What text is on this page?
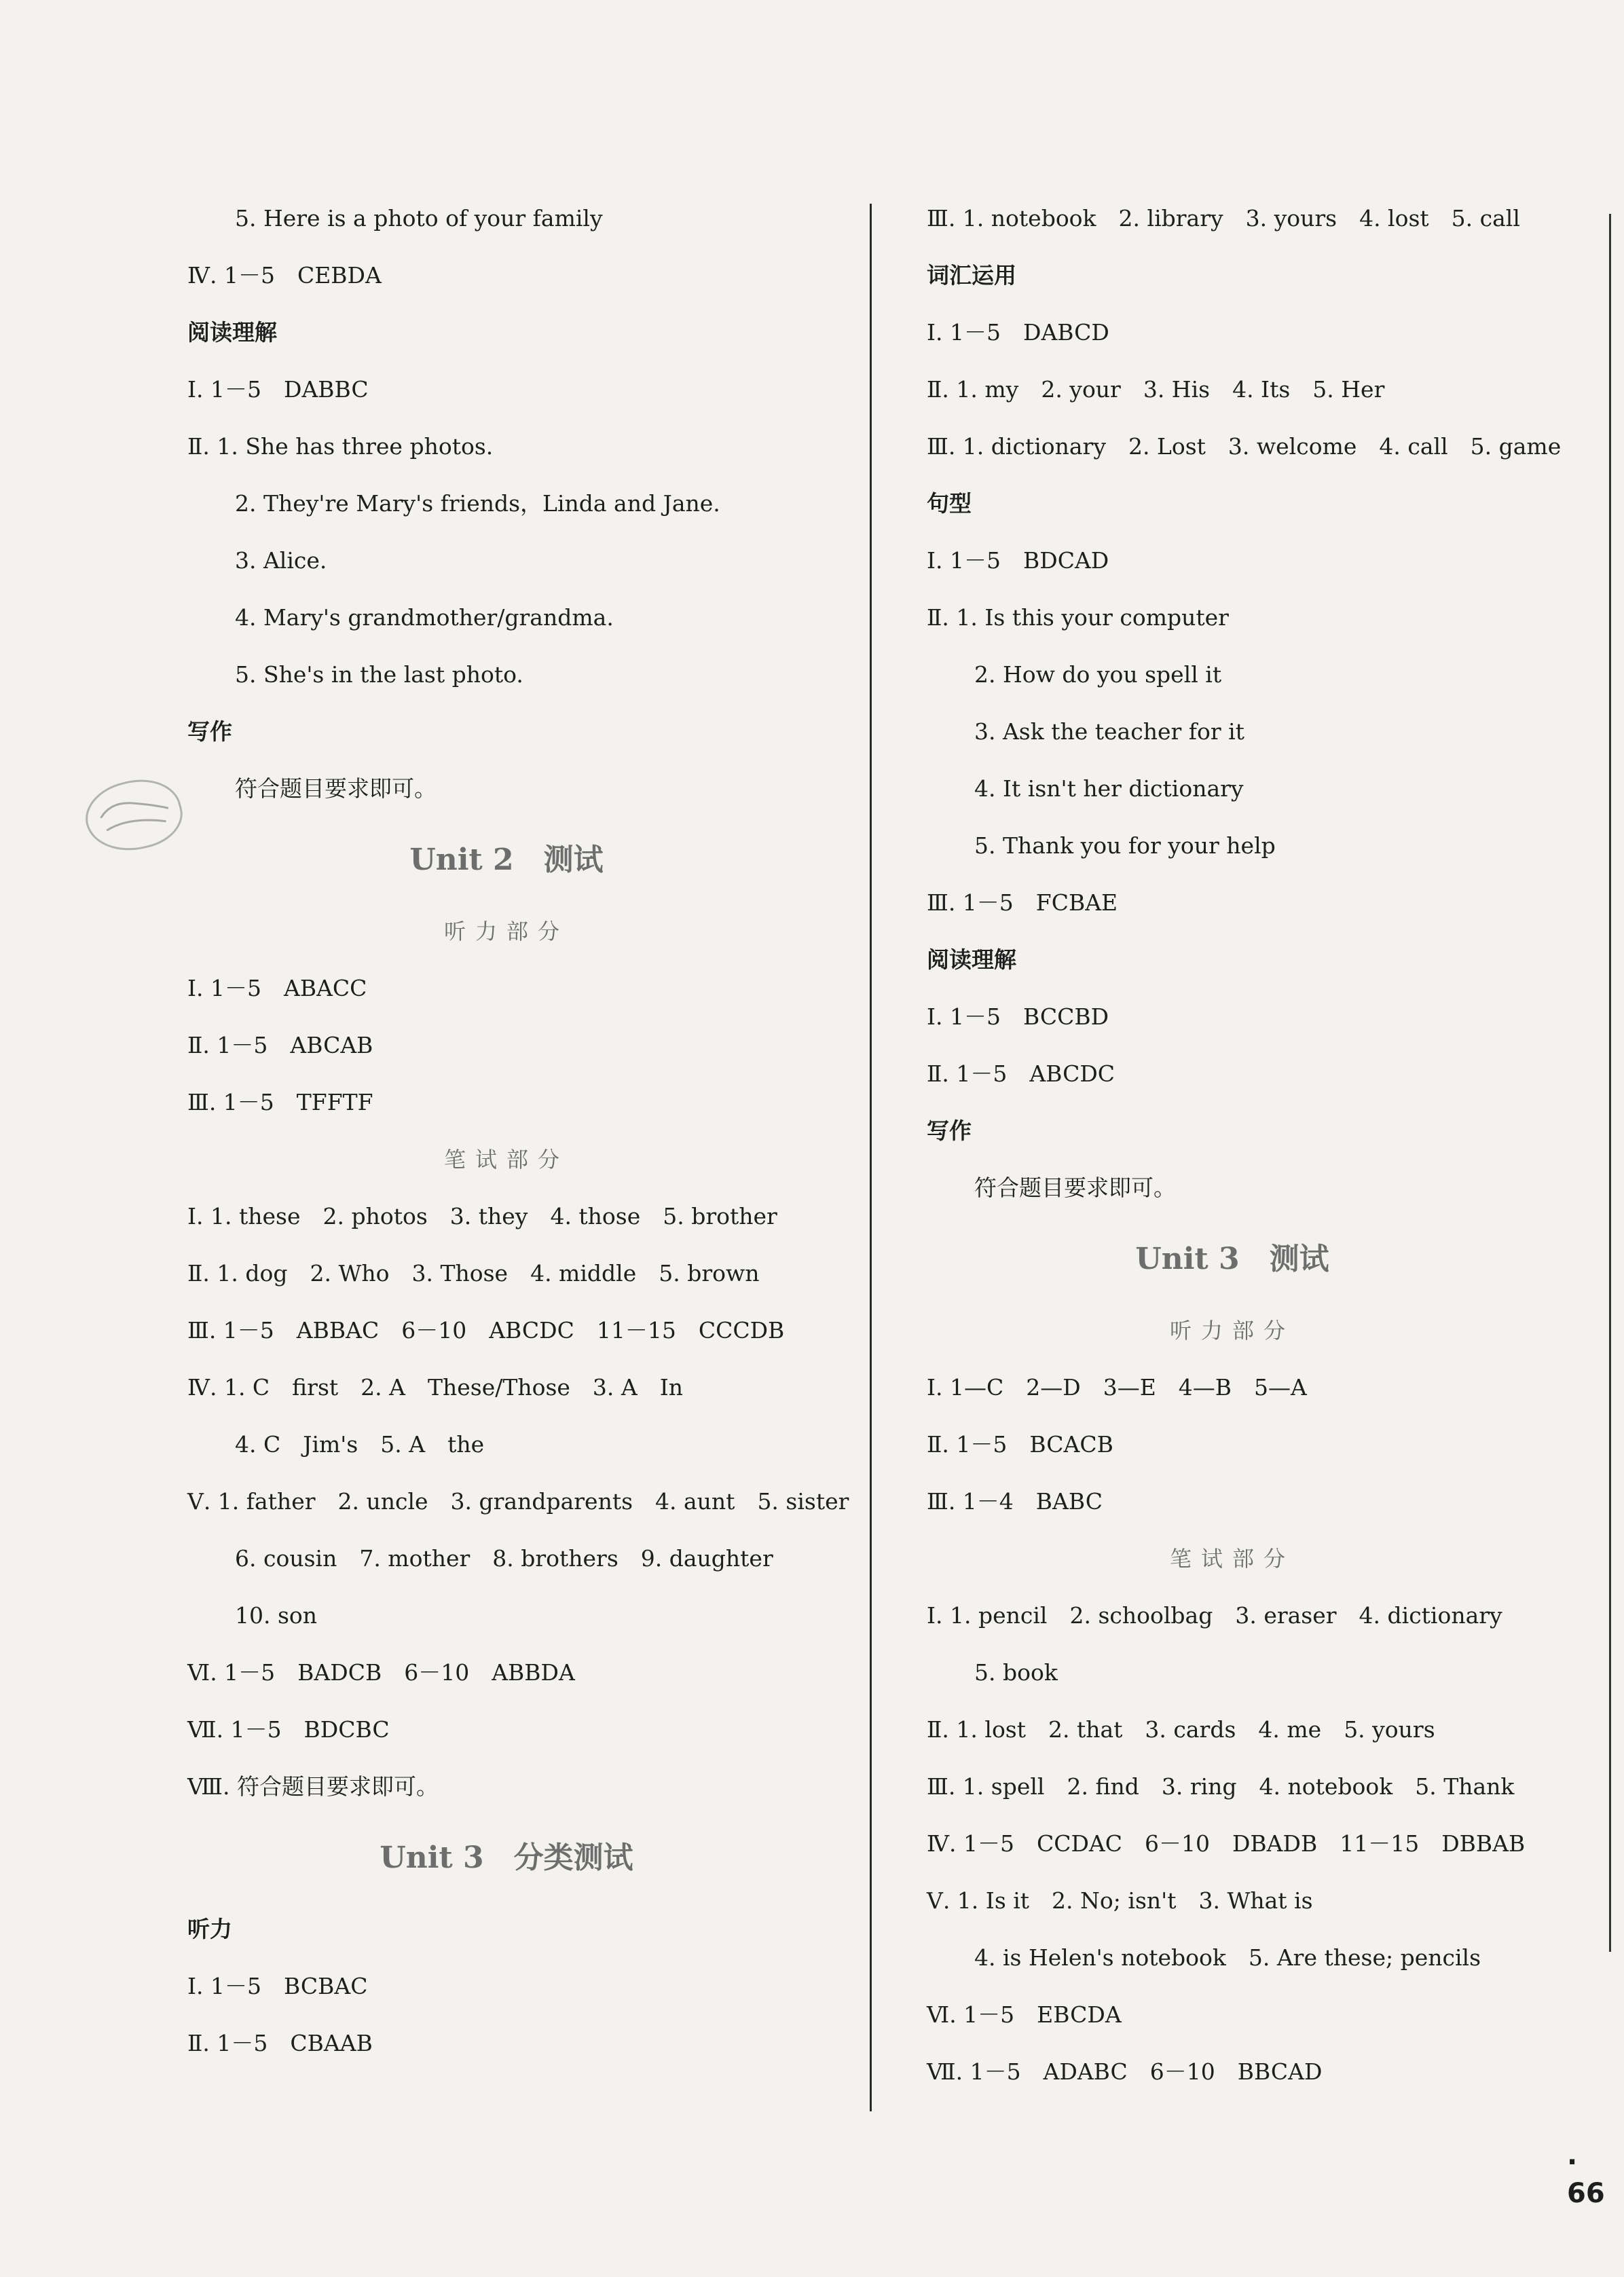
5. Here is a photo of your family
Ⅳ. 1－5　CEBDA
阅读理解
Ⅰ. 1－5　DABBC
Ⅱ. 1. She has three photos.
2. They're Mary's friends，Linda and Jane.
3. Alice.
4. Mary's grandmother/grandma.
5. She's in the last photo.
写作
符合题目要求即可。
Unit 2　测试
听力部分
Ⅰ. 1－5　ABACC
Ⅱ. 1－5　ABCAB
Ⅲ. 1－5　TFFTF
笔试部分
Ⅰ. 1. these　2. photos　3. they　4. those　5. brother
Ⅱ. 1. dog　2. Who　3. Those　4. middle　5. brown
Ⅲ. 1－5　ABBAC　6－10　ABCDC　11－15　CCCDB
Ⅳ. 1. C　first　2. A　These/Those　3. A　In
4. C　Jim's　5. A　the
Ⅴ. 1. father　2. uncle　3. grandparents　4. aunt　5. sister
6. cousin　7. mother　8. brothers　9. daughter
10. son
Ⅵ. 1－5　BADCB　6－10　ABBDA
Ⅶ. 1－5　BDCBC
Ⅷ. 符合题目要求即可。
Unit 3　分类测试
听力
Ⅰ. 1－5　BCBAC
Ⅱ. 1－5　CBAAB
Ⅲ. 1. notebook　2. library　3. yours　4. lost　5. call
词汇运用
Ⅰ. 1－5　DABCD
Ⅱ. 1. my　2. your　3. His　4. Its　5. Her
Ⅲ. 1. dictionary　2. Lost　3. welcome　4. call　5. game
句型
Ⅰ. 1－5　BDCAD
Ⅱ. 1. Is this your computer
2. How do you spell it
3. Ask the teacher for it
4. It isn't her dictionary
5. Thank you for your help
Ⅲ. 1－5　FCBAE
阅读理解
Ⅰ. 1－5　BCCBD
Ⅱ. 1－5　ABCDC
写作
符合题目要求即可。
Unit 3　测试
听力部分
Ⅰ. 1—C　2—D　3—E　4—B　5—A
Ⅱ. 1－5　BCACB
Ⅲ. 1－4　BABC
笔试部分
Ⅰ. 1. pencil　2. schoolbag　3. eraser　4. dictionary
5. book
Ⅱ. 1. lost　2. that　3. cards　4. me　5. yours
Ⅲ. 1. spell　2. find　3. ring　4. notebook　5. Thank
Ⅳ. 1－5　CCDAC　6－10　DBADB　11－15　DBBAB
Ⅴ. 1. Is it　2. No; isn't　3. What is
4. is Helen's notebook　5. Are these; pencils
Ⅵ. 1－5　EBCDA
Ⅶ. 1－5　ADABC　6－10　BBCAD
· 66
